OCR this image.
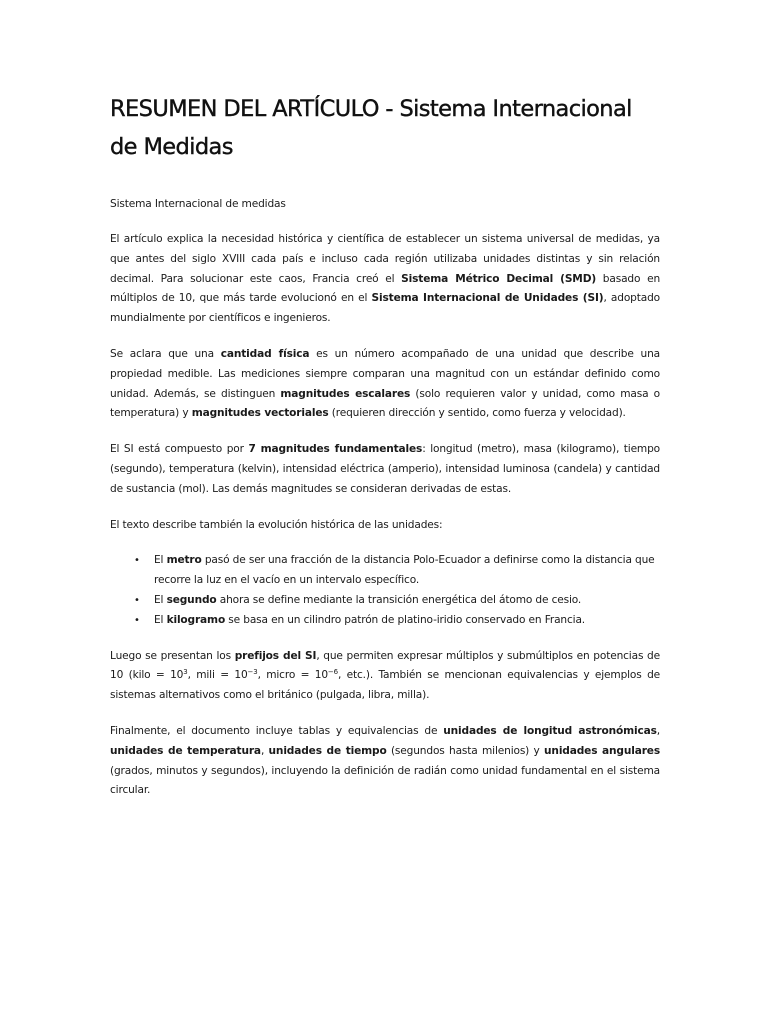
RESUMEN DEL ARTÍCULO - Sistema Internacional de Medidas
Sistema Internacional de medidas

El artículo explica la necesidad histórica y científica de establecer un sistema universal de medidas, ya que antes del siglo XVIII cada país e incluso cada región utilizaba unidades distintas y sin relación decimal. Para solucionar este caos, Francia creó el Sistema Métrico Decimal (SMD) basado en múltiplos de 10, que más tarde evolucionó en el Sistema Internacional de Unidades (SI), adoptado mundialmente por científicos e ingenieros.

Se aclara que una cantidad física es un número acompañado de una unidad que describe una propiedad medible. Las mediciones siempre comparan una magnitud con un estándar definido como unidad. Además, se distinguen magnitudes escalares (solo requieren valor y unidad, como masa o temperatura) y magnitudes vectoriales (requieren dirección y sentido, como fuerza y velocidad).

El SI está compuesto por 7 magnitudes fundamentales: longitud (metro), masa (kilogramo), tiempo (segundo), temperatura (kelvin), intensidad eléctrica (amperio), intensidad luminosa (candela) y cantidad de sustancia (mol). Las demás magnitudes se consideran derivadas de estas.

El texto describe también la evolución histórica de las unidades:

• El metro pasó de ser una fracción de la distancia Polo-Ecuador a definirse como la distancia que recorre la luz en el vacío en un intervalo específico.
• El segundo ahora se define mediante la transición energética del átomo de cesio.
• El kilogramo se basa en un cilindro patrón de platino-iridio conservado en Francia.

Luego se presentan los prefijos del SI, que permiten expresar múltiplos y submúltiplos en potencias de 10 (kilo = $10^3$, mili = $10^{-3}$, micro = $10^{-6}$, etc.). También se mencionan equivalencias y ejemplos de sistemas alternativos como el británico (pulgada, libra, milla).

Finalmente, el documento incluye tablas y equivalencias de unidades de longitud astronómicas, unidades de temperatura, unidades de tiempo (segundos hasta milenios) y unidades angulares (grados, minutos y segundos), incluyendo la definición de radián como unidad fundamental en el sistema circular.
